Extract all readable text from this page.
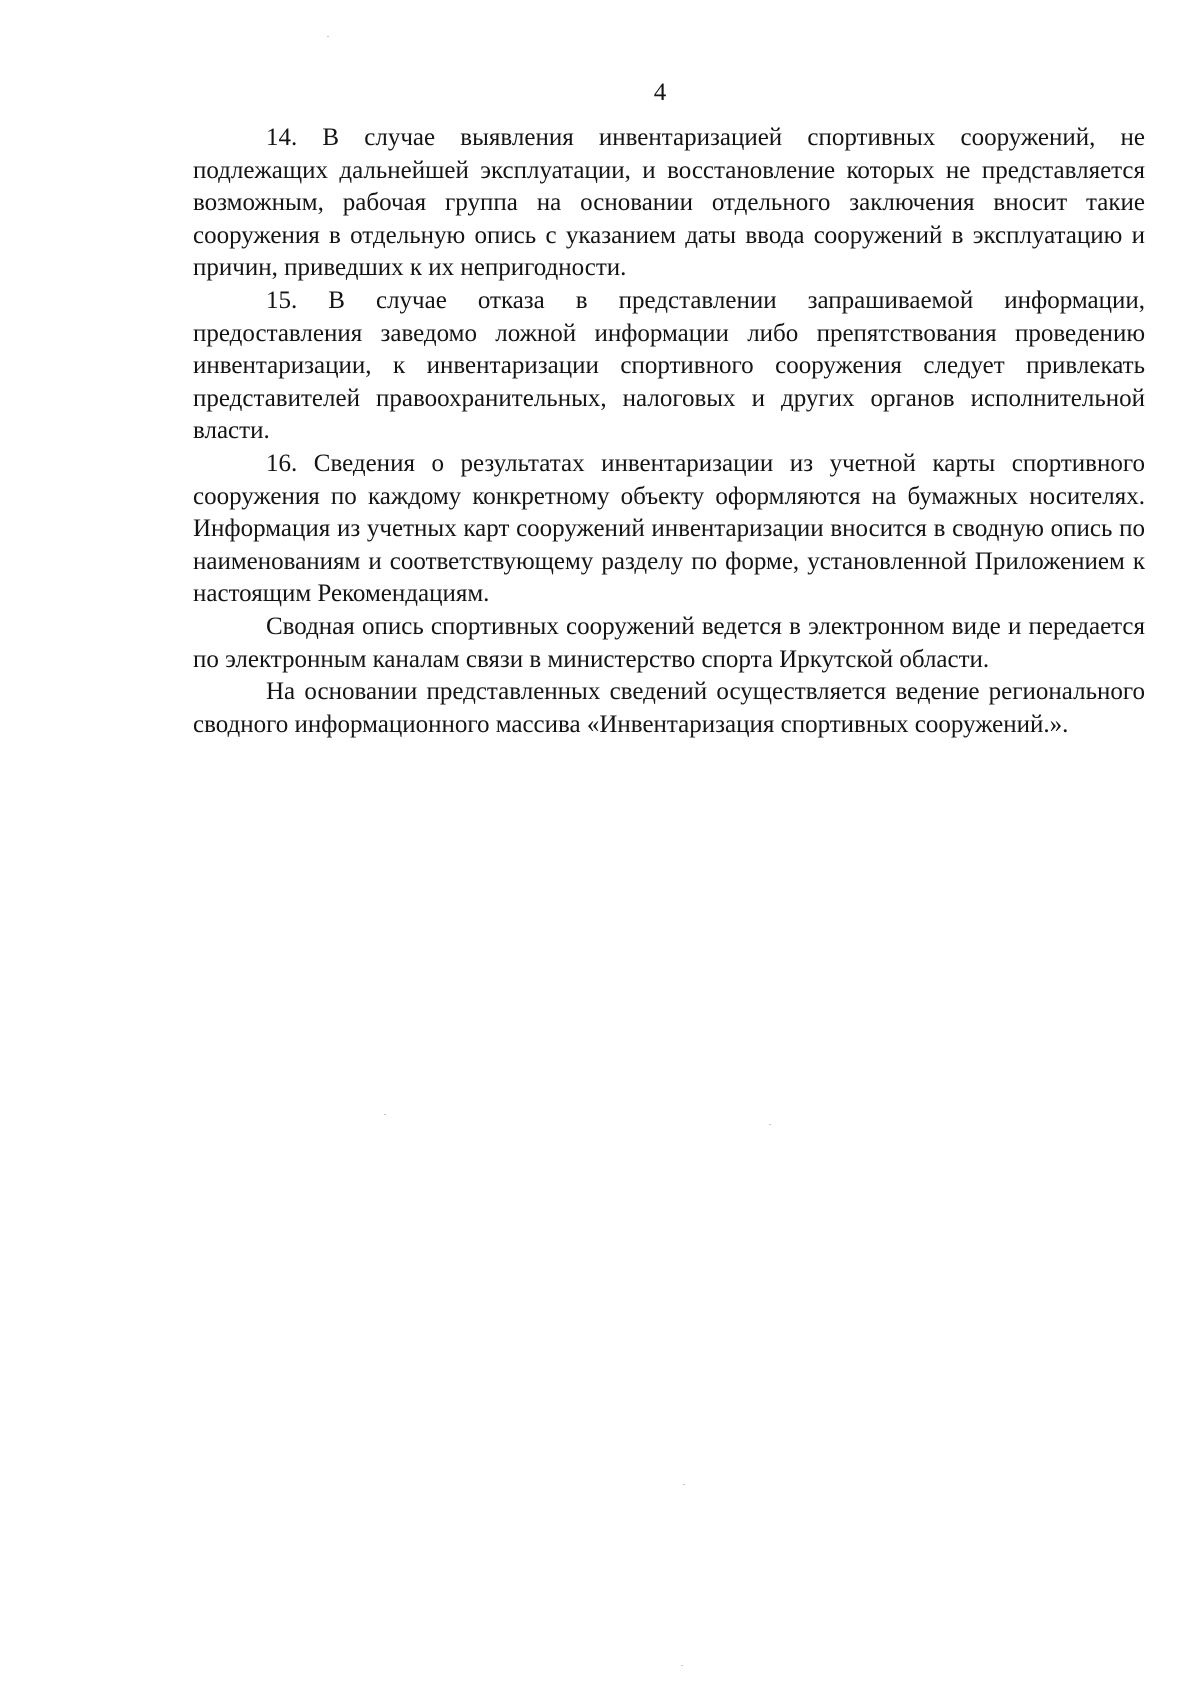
4

14. В случае выявления инвентаризацией спортивных сооружений, не подлежащих дальнейшей эксплуатации, и восстановление которых не представляется возможным, рабочая группа на основании отдельного заключения вносит такие сооружения в отдельную опись с указанием даты ввода сооружений в эксплуатацию и причин, приведших к их непригодности.

15. В случае отказа в представлении запрашиваемой информации, предоставления заведомо ложной информации либо препятствования проведению инвентаризации, к инвентаризации спортивного сооружения следует привлекать представителей правоохранительных, налоговых и других органов исполнительной власти.

16. Сведения о результатах инвентаризации из учетной карты спортивного сооружения по каждому конкретному объекту оформляются на бумажных носителях. Информация из учетных карт сооружений инвентаризации вносится в сводную опись по наименованиям и соответствующему разделу по форме, установленной Приложением к настоящим Рекомендациям.

Сводная опись спортивных сооружений ведется в электронном виде и передается по электронным каналам связи в министерство спорта Иркутской области.

На основании представленных сведений осуществляется ведение регионального сводного информационного массива «Инвентаризация спортивных сооружений.».
